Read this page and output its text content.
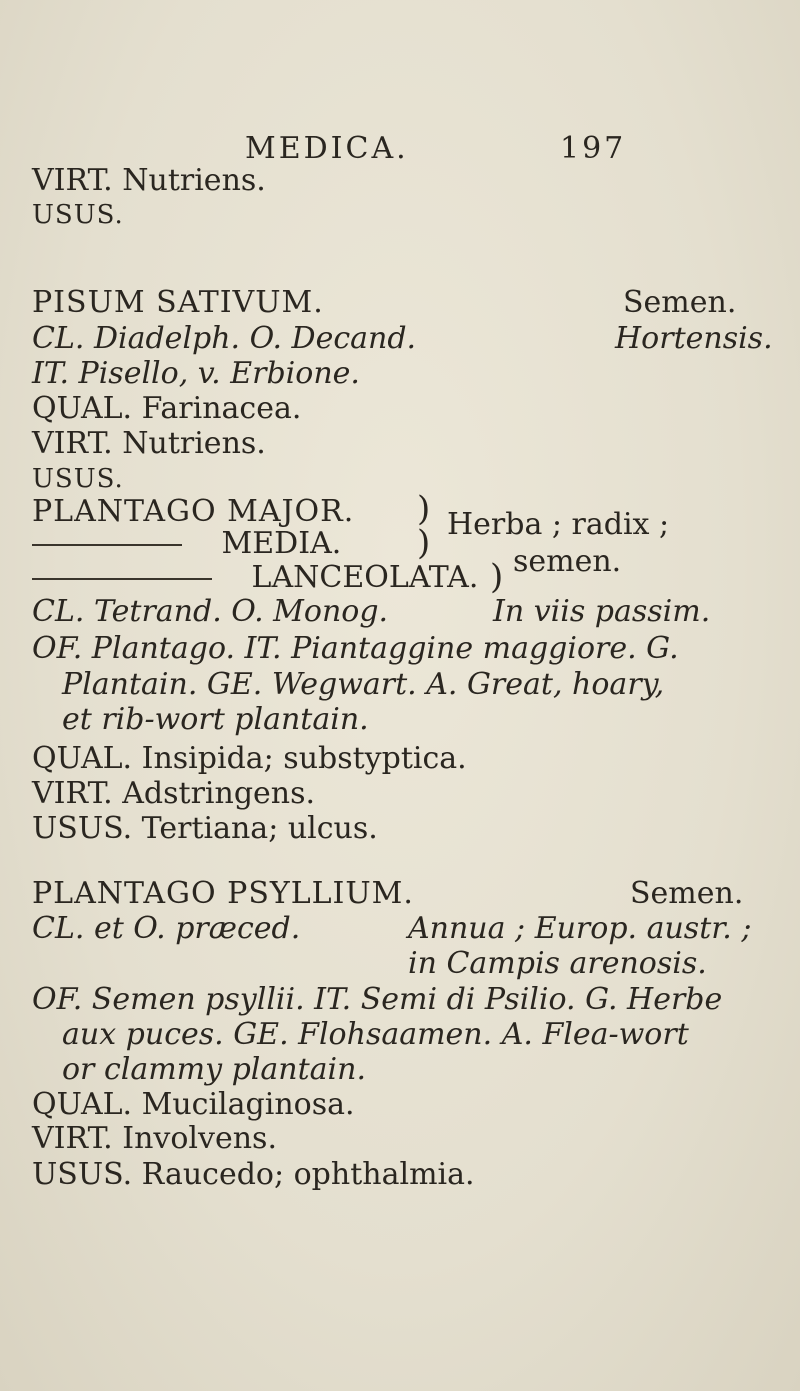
MEDICA.	197
VIRT. Nutriens.
USUS.
PISUM SATIVUM.	Semen.
CL. Diadelph. O. Decand.	Hortensis.
IT. Pisello, v. Erbione.
QUAL. Farinacea.
VIRT. Nutriens.
USUS.
PLANTAGO MAJOR.
MEDIA.
LANCEOLATA.
)
)
)
Herba ; radix ;
semen.
CL. Tetrand. O. Monog.	In viis passim.
OF. Plantago. IT. Piantaggine maggiore. G.
Plantain. GE. Wegwart. A. Great, hoary,
et rib-wort plantain.
QUAL. Insipida; substyptica.
VIRT. Adstringens.
USUS. Tertiana; ulcus.
PLANTAGO PSYLLIUM.	Semen.
CL. et O. præced.	Annua ; Europ. austr. ;
in Campis arenosis.
OF. Semen psyllii. IT. Semi di Psilio. G. Herbe
aux puces. GE. Flohsaamen. A. Flea-wort
or clammy plantain.
QUAL. Mucilaginosa.
VIRT. Involvens.
USUS. Raucedo; ophthalmia.
